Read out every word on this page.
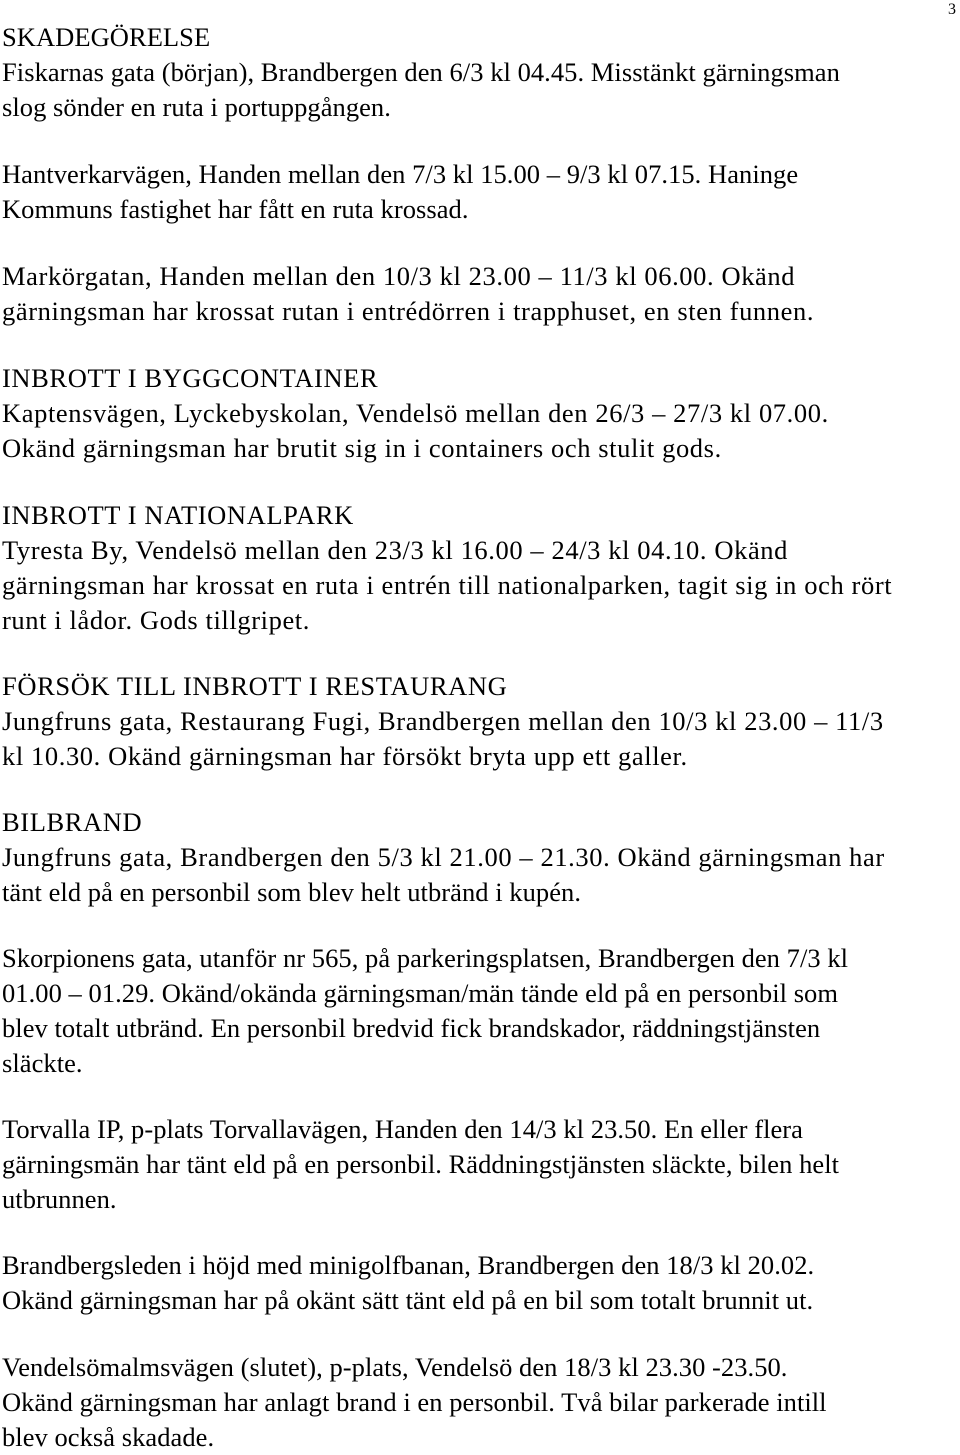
3
SKADEGÖRELSE
Fiskarnas gata (början), Brandbergen den 6/3 kl 04.45. Misstänkt gärningsman
slog sönder en ruta i portuppgången.
Hantverkarvägen, Handen mellan den 7/3 kl 15.00 – 9/3 kl 07.15. Haninge
Kommuns fastighet har fått en ruta krossad.
Markörgatan, Handen mellan den 10/3 kl 23.00 – 11/3 kl 06.00. Okänd
gärningsman har krossat rutan i entrédörren i trapphuset, en sten funnen.
INBROTT I BYGGCONTAINER
Kaptensvägen, Lyckebyskolan, Vendelsö mellan den 26/3 – 27/3 kl 07.00.
Okänd gärningsman har brutit sig in i containers och stulit gods.
INBROTT I NATIONALPARK
Tyresta By, Vendelsö mellan den 23/3 kl 16.00 – 24/3 kl 04.10. Okänd
gärningsman har krossat en ruta i entrén till nationalparken, tagit sig in och rört
runt i lådor. Gods tillgripet.
FÖRSÖK TILL INBROTT I RESTAURANG
Jungfruns gata, Restaurang Fugi, Brandbergen mellan den 10/3 kl 23.00 – 11/3
kl 10.30. Okänd gärningsman har försökt bryta upp ett galler.
BILBRAND
Jungfruns gata, Brandbergen den 5/3 kl 21.00 – 21.30. Okänd gärningsman har
tänt eld på en personbil som blev helt utbränd i kupén.
Skorpionens gata, utanför nr 565, på parkeringsplatsen, Brandbergen den 7/3 kl
01.00 – 01.29. Okänd/okända gärningsman/män tände eld på en personbil som
blev totalt utbränd. En personbil bredvid fick brandskador, räddningstjänsten
släckte.
Torvalla IP, p-plats Torvallavägen, Handen den 14/3 kl 23.50. En eller flera
gärningsmän har tänt eld på en personbil. Räddningstjänsten släckte, bilen helt
utbrunnen.
Brandbergsleden i höjd med minigolfbanan, Brandbergen den 18/3 kl 20.02.
Okänd gärningsman har på okänt sätt tänt eld på en bil som totalt brunnit ut.
Vendelsömalmsvägen (slutet), p-plats, Vendelsö den 18/3 kl 23.30 -23.50.
Okänd gärningsman har anlagt brand i en personbil. Två bilar parkerade intill
blev också skadade.
